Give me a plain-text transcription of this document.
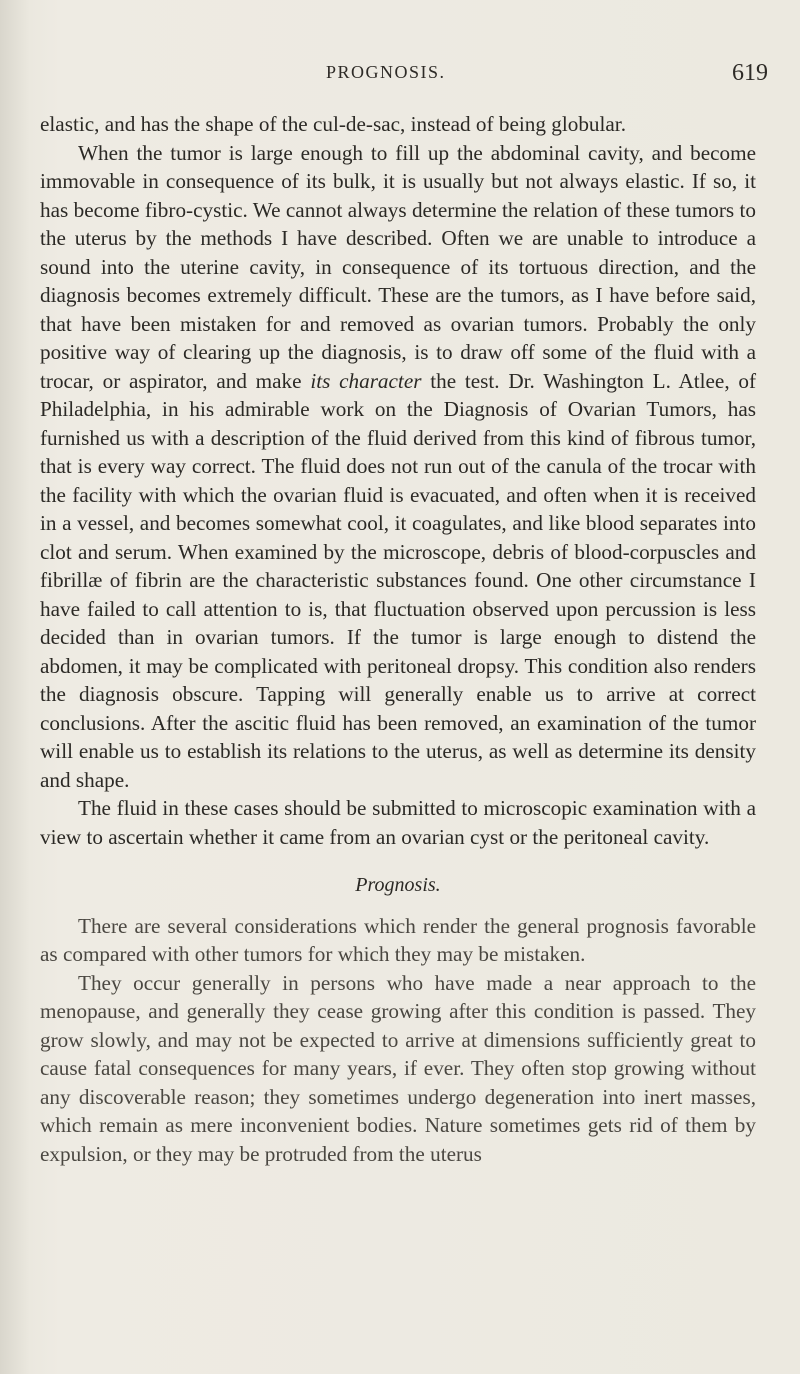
PROGNOSIS.	619

elastic, and has the shape of the cul-de-sac, instead of being globular.

When the tumor is large enough to fill up the abdominal cavity, and become immovable in consequence of its bulk, it is usually but not always elastic. If so, it has become fibro-cystic. We cannot always determine the relation of these tumors to the uterus by the methods I have described. Often we are unable to introduce a sound into the uterine cavity, in consequence of its tortuous direction, and the diagnosis becomes extremely difficult. These are the tumors, as I have before said, that have been mistaken for and removed as ovarian tumors. Probably the only positive way of clearing up the diagnosis, is to draw off some of the fluid with a trocar, or aspirator, and make its character the test. Dr. Washington L. Atlee, of Philadelphia, in his admirable work on the Diagnosis of Ovarian Tumors, has furnished us with a description of the fluid derived from this kind of fibrous tumor, that is every way correct. The fluid does not run out of the canula of the trocar with the facility with which the ovarian fluid is evacuated, and often when it is received in a vessel, and becomes somewhat cool, it coagulates, and like blood separates into clot and serum. When examined by the microscope, debris of blood-corpuscles and fibrillæ of fibrin are the characteristic substances found. One other circumstance I have failed to call attention to is, that fluctuation observed upon percussion is less decided than in ovarian tumors. If the tumor is large enough to distend the abdomen, it may be complicated with peritoneal dropsy. This condition also renders the diagnosis obscure. Tapping will generally enable us to arrive at correct conclusions. After the ascitic fluid has been removed, an examination of the tumor will enable us to establish its relations to the uterus, as well as determine its density and shape.

The fluid in these cases should be submitted to microscopic examination with a view to ascertain whether it came from an ovarian cyst or the peritoneal cavity.

Prognosis.

There are several considerations which render the general prognosis favorable as compared with other tumors for which they may be mistaken.

They occur generally in persons who have made a near approach to the menopause, and generally they cease growing after this condition is passed. They grow slowly, and may not be expected to arrive at dimensions sufficiently great to cause fatal consequences for many years, if ever. They often stop growing without any discoverable reason; they sometimes undergo degeneration into inert masses, which remain as mere inconvenient bodies. Nature sometimes gets rid of them by expulsion, or they may be protruded from the uterus
